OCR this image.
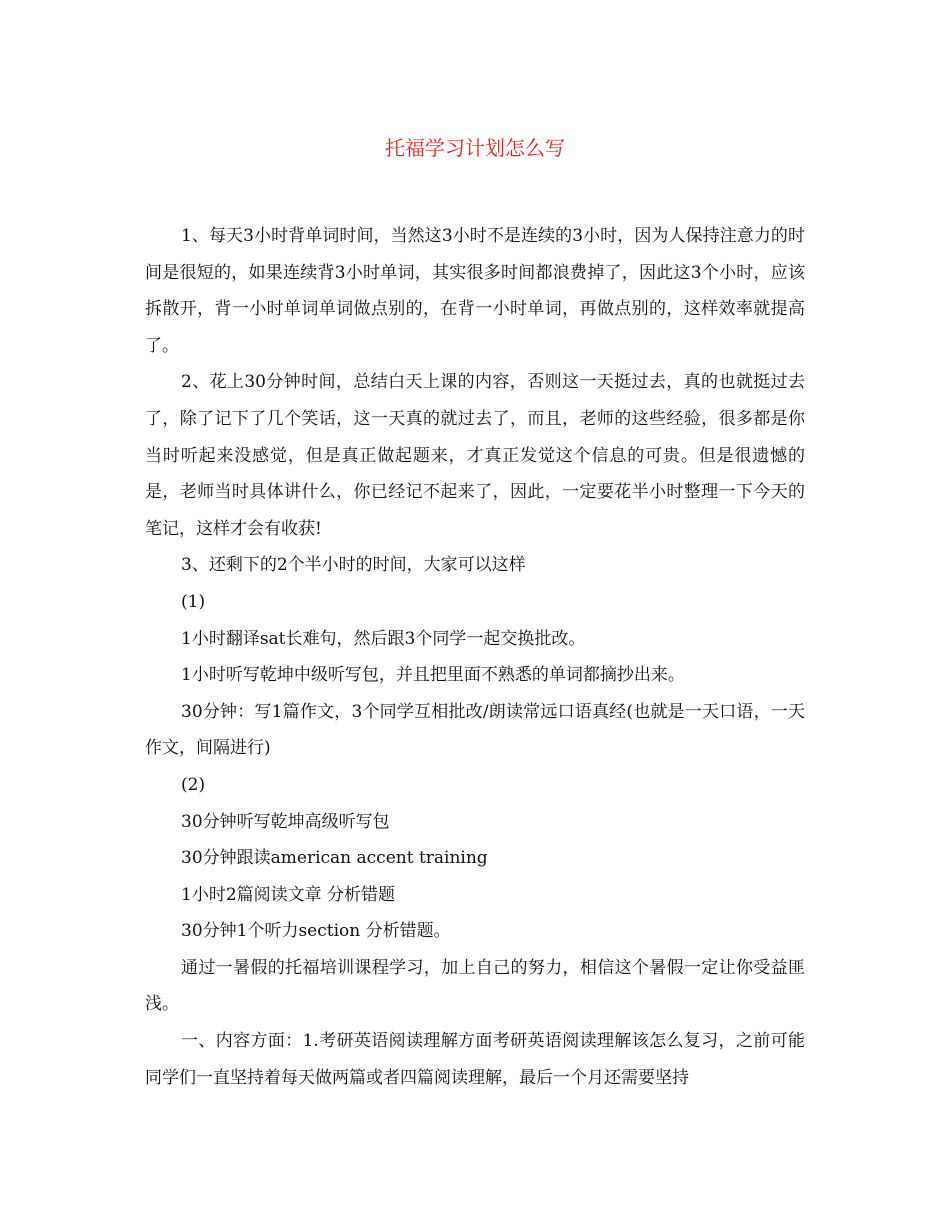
托福学习计划怎么写

1、每天3小时背单词时间，当然这3小时不是连续的3小时，因为人保持注意力的时间是很短的，如果连续背3小时单词，其实很多时间都浪费掉了，因此这3个小时，应该拆散开，背一小时单词单词做点别的，在背一小时单词，再做点别的，这样效率就提高了。

2、花上30分钟时间，总结白天上课的内容，否则这一天挺过去，真的也就挺过去了，除了记下了几个笑话，这一天真的就过去了，而且，老师的这些经验，很多都是你当时听起来没感觉，但是真正做起题来，才真正发觉这个信息的可贵。但是很遗憾的是，老师当时具体讲什么，你已经记不起来了，因此，一定要花半小时整理一下今天的笔记，这样才会有收获!

3、还剩下的2个半小时的时间，大家可以这样

(1)

1小时翻译sat长难句，然后跟3个同学一起交换批改。

1小时听写乾坤中级听写包，并且把里面不熟悉的单词都摘抄出来。

30分钟：写1篇作文，3个同学互相批改/朗读常远口语真经(也就是一天口语，一天作文，间隔进行)

(2)

30分钟听写乾坤高级听写包

30分钟跟读american accent training

1小时2篇阅读文章 分析错题

30分钟1个听力section 分析错题。

通过一暑假的托福培训课程学习，加上自己的努力，相信这个暑假一定让你受益匪浅。

一、内容方面：1.考研英语阅读理解方面考研英语阅读理解该怎么复习，之前可能同学们一直坚持着每天做两篇或者四篇阅读理解，最后一个月还需要坚持
